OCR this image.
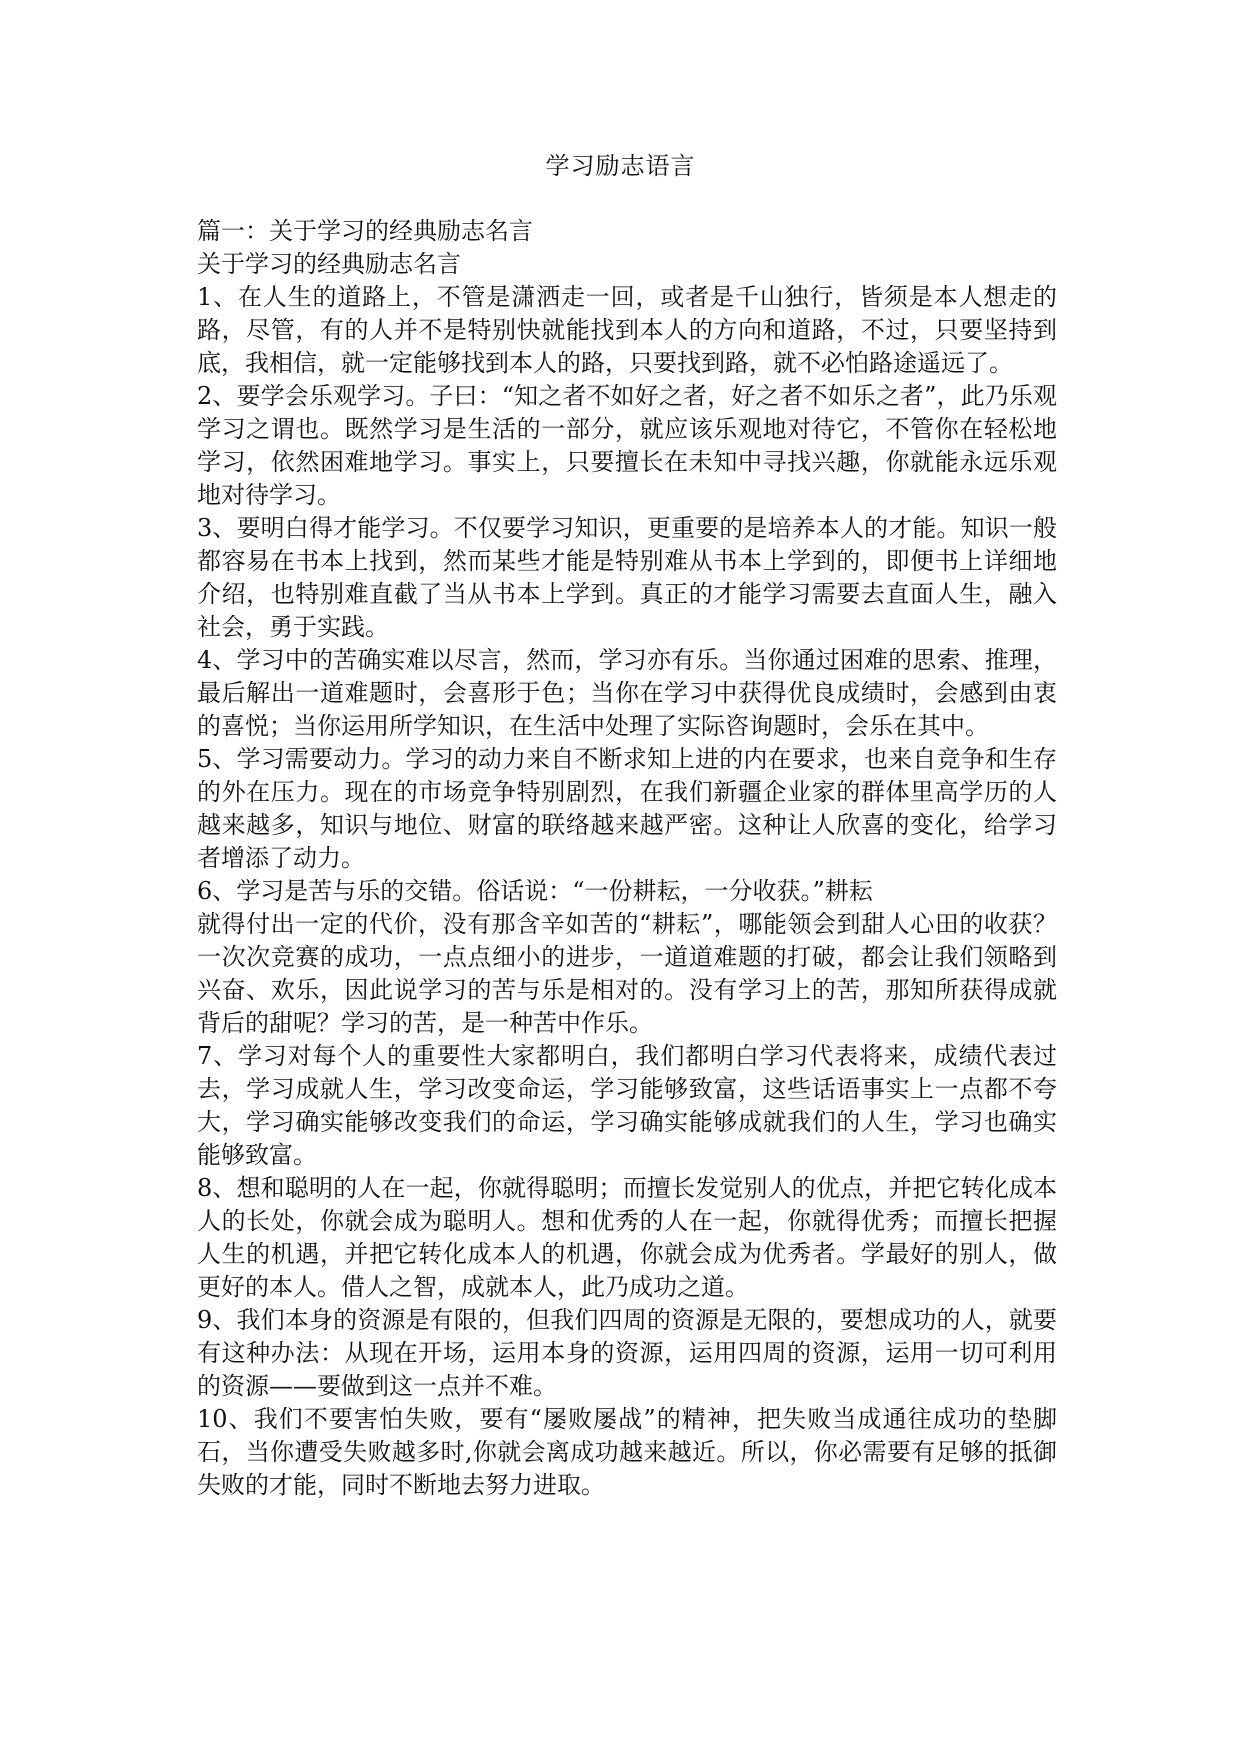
学习励志语言

篇一：关于学习的经典励志名言

关于学习的经典励志名言

1、在人生的道路上，不管是潇洒走一回，或者是千山独行，皆须是本人想走的路，尽管，有的人并不是特别快就能找到本人的方向和道路，不过，只要坚持到底，我相信，就一定能够找到本人的路，只要找到路，就不必怕路途遥远了。

2、要学会乐观学习。子曰：“知之者不如好之者，好之者不如乐之者”，此乃乐观学习之谓也。既然学习是生活的一部分，就应该乐观地对待它，不管你在轻松地学习，依然困难地学习。事实上，只要擅长在未知中寻找兴趣，你就能永远乐观地对待学习。

3、要明白得才能学习。不仅要学习知识，更重要的是培养本人的才能。知识一般都容易在书本上找到，然而某些才能是特别难从书本上学到的，即便书上详细地介绍，也特别难直截了当从书本上学到。真正的才能学习需要去直面人生，融入社会，勇于实践。

4、学习中的苦确实难以尽言，然而，学习亦有乐。当你通过困难的思索、推理，最后解出一道难题时，会喜形于色；当你在学习中获得优良成绩时，会感到由衷的喜悦；当你运用所学知识，在生活中处理了实际咨询题时，会乐在其中。

5、学习需要动力。学习的动力来自不断求知上进的内在要求，也来自竞争和生存的外在压力。现在的市场竞争特别剧烈，在我们新疆企业家的群体里高学历的人越来越多，知识与地位、财富的联络越来越严密。这种让人欣喜的变化，给学习者增添了动力。

6、学习是苦与乐的交错。俗话说：“一份耕耘，一分收获。”耕耘

就得付出一定的代价，没有那含辛如苦的“耕耘”，哪能领会到甜人心田的收获？一次次竞赛的成功，一点点细小的进步，一道道难题的打破，都会让我们领略到兴奋、欢乐，因此说学习的苦与乐是相对的。没有学习上的苦，那知所获得成就背后的甜呢？学习的苦，是一种苦中作乐。

7、学习对每个人的重要性大家都明白，我们都明白学习代表将来，成绩代表过去，学习成就人生，学习改变命运，学习能够致富，这些话语事实上一点都不夸大，学习确实能够改变我们的命运，学习确实能够成就我们的人生，学习也确实能够致富。

8、想和聪明的人在一起，你就得聪明；而擅长发觉别人的优点，并把它转化成本人的长处，你就会成为聪明人。想和优秀的人在一起，你就得优秀；而擅长把握人生的机遇，并把它转化成本人的机遇，你就会成为优秀者。学最好的别人，做更好的本人。借人之智，成就本人，此乃成功之道。

9、我们本身的资源是有限的，但我们四周的资源是无限的，要想成功的人，就要有这种办法：从现在开场，运用本身的资源，运用四周的资源，运用一切可利用的资源——要做到这一点并不难。

10、我们不要害怕失败，要有“屡败屡战”的精神，把失败当成通往成功的垫脚石，当你遭受失败越多时,你就会离成功越来越近。所以，你必需要有足够的抵御失败的才能，同时不断地去努力进取。
